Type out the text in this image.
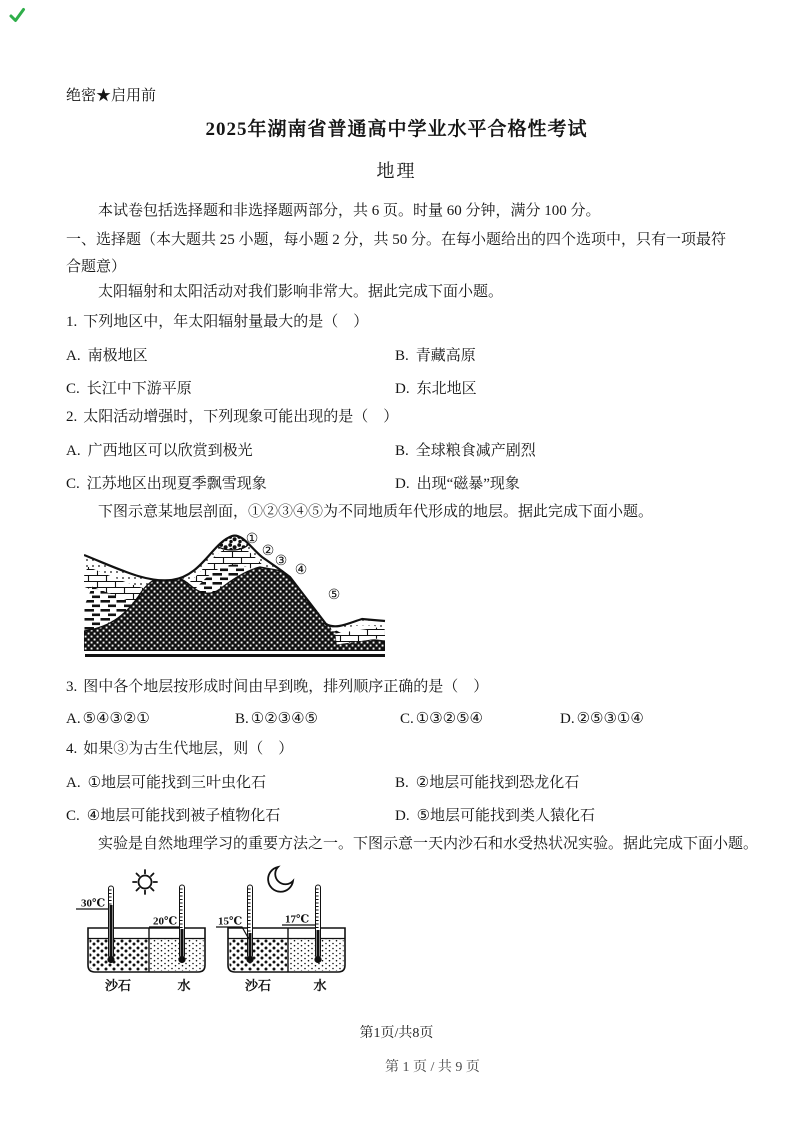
绝密★启用前
2025年湖南省普通高中学业水平合格性考试
地理
本试卷包括选择题和非选择题两部分，共 6 页。时量 60 分钟，满分 100 分。
一、选择题（本大题共 25 小题，每小题 2 分，共 50 分。在每小题给出的四个选项中，只有一项最符合题意）
太阳辐射和太阳活动对我们影响非常大。据此完成下面小题。
1. 下列地区中，年太阳辐射量最大的是（　）
A. 南极地区	B. 青藏高原
C. 长江中下游平原	D. 东北地区
2. 太阳活动增强时，下列现象可能出现的是（　）
A. 广西地区可以欣赏到极光	B. 全球粮食减产剧烈
C. 江苏地区出现夏季飘雪现象	D. 出现“磁暴”现象
下图示意某地层剖面，①②③④⑤为不同地质年代形成的地层。据此完成下面小题。
①
②
③
④
⑤
3. 图中各个地层按形成时间由早到晚，排列顺序正确的是（　）
A. ⑤④③②①	B. ①②③④⑤	C. ①③②⑤④	D. ②⑤③①④
4. 如果③为古生代地层，则（　）
A. ①地层可能找到三叶虫化石	B. ②地层可能找到恐龙化石
C. ④地层可能找到被子植物化石	D. ⑤地层可能找到类人猿化石
实验是自然地理学习的重要方法之一。下图示意一天内沙石和水受热状况实验。据此完成下面小题。
30℃
20℃
沙石	水
15℃	17℃
沙石	水
第1页/共8页
第 1 页 / 共 9 页
